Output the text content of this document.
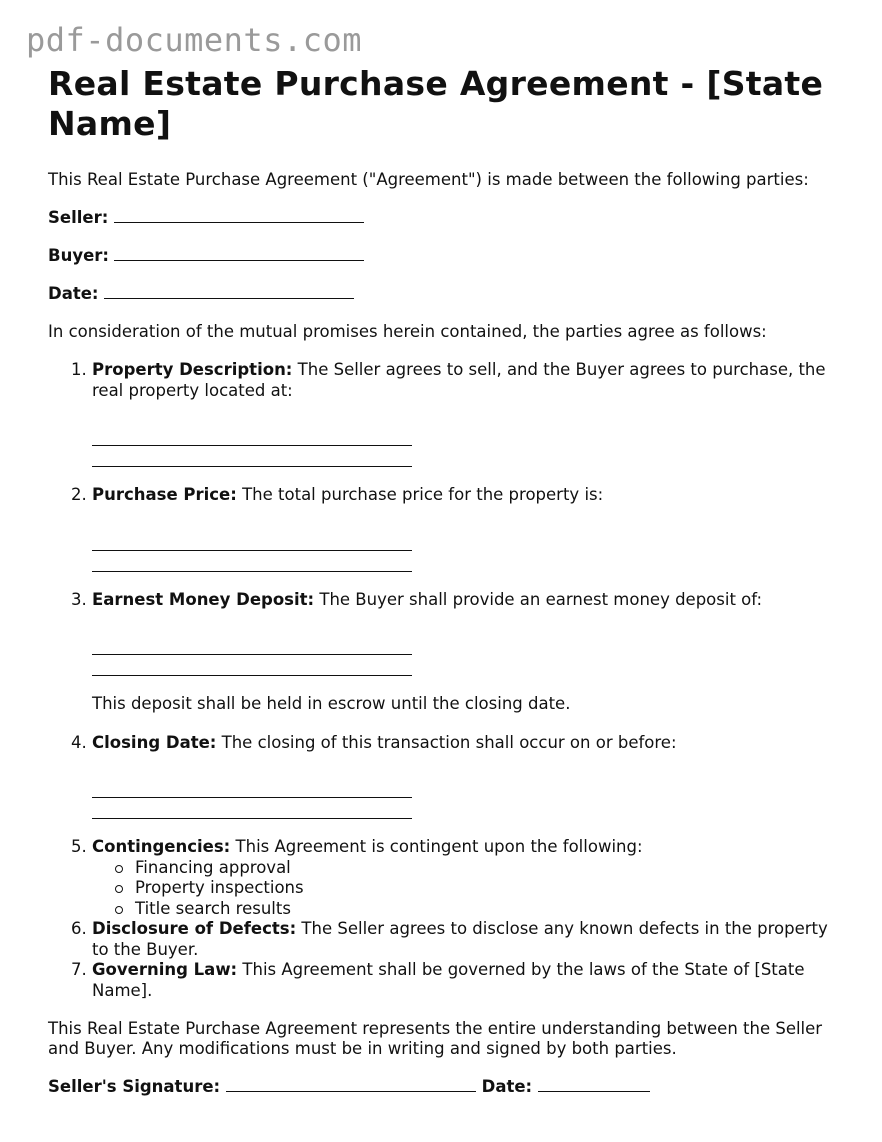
pdf-documents.com
Real Estate Purchase Agreement - [State Name]

This Real Estate Purchase Agreement ("Agreement") is made between the following parties:

Seller:

Buyer:

Date:

In consideration of the mutual promises herein contained, the parties agree as follows:

1. Property Description: The Seller agrees to sell, and the Buyer agrees to purchase, the real property located at:
2. Purchase Price: The total purchase price for the property is:
3. Earnest Money Deposit: The Buyer shall provide an earnest money deposit of:
This deposit shall be held in escrow until the closing date.
4. Closing Date: The closing of this transaction shall occur on or before:
5. Contingencies: This Agreement is contingent upon the following:
Financing approval
Property inspections
Title search results
6. Disclosure of Defects: The Seller agrees to disclose any known defects in the property to the Buyer.
7. Governing Law: This Agreement shall be governed by the laws of the State of [State Name].

This Real Estate Purchase Agreement represents the entire understanding between the Seller and Buyer. Any modifications must be in writing and signed by both parties.

Seller's Signature:	Date:
